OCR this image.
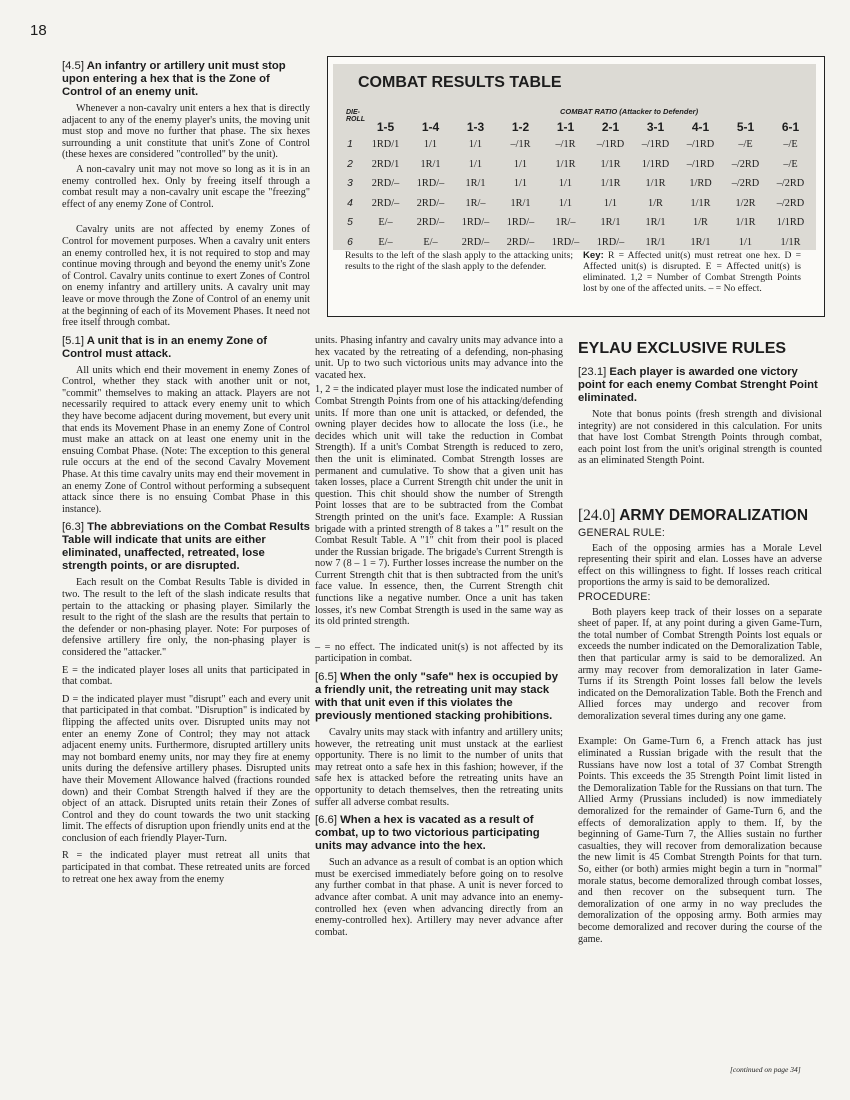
18
COMBAT RESULTS TABLE
DIE-ROLL
COMBAT RATIO (Attacker to Defender)
	1-5	1-4	1-3	1-2	1-1	2-1	3-1	4-1	5-1	6-1
1	1RD/1	1/1	1/1	–/1R	–/1R	–/1RD	–/1RD	–/1RD	–/E	–/E
2	2RD/1	1R/1	1/1	1/1	1/1R	1/1R	1/1RD	–/1RD	–/2RD	–/E
3	2RD/–	1RD/–	1R/1	1/1	1/1	1/1R	1/1R	1/RD	–/2RD	–/2RD
4	2RD/–	2RD/–	1R/–	1R/1	1/1	1/1	1/R	1/1R	1/2R	–/2RD
5	E/–	2RD/–	1RD/–	1RD/–	1R/–	1R/1	1R/1	1/R	1/1R	1/1RD
6	E/–	E/–	2RD/–	2RD/–	1RD/–	1RD/–	1R/1	1R/1	1/1	1/1R
Results to the left of the slash apply to the attacking units; results to the right of the slash apply to the defender.
Key: R = Affected unit(s) must retreat one hex. D = Affected unit(s) is disrupted. E = Affected unit(s) is eliminated. 1,2 = Number of Combat Strength Points lost by one of the affected units. – = No effect.
[4.5] An infantry or artillery unit must stop upon entering a hex that is the Zone of Control of an enemy unit.

Whenever a non-cavalry unit enters a hex that is directly adjacent to any of the enemy player's units, the moving unit must stop and move no further that phase. The six hexes surrounding a unit constitute that unit's Zone of Control (these hexes are considered "controlled" by the unit).

A non-cavalry unit may not move so long as it is in an enemy controlled hex. Only by freeing itself through a combat result may a non-cavalry unit escape the "freezing" effect of any enemy Zone of Control.

Cavalry units are not affected by enemy Zones of Control for movement purposes. When a cavalry unit enters an enemy controlled hex, it is not required to stop and may continue moving through and beyond the enemy unit's Zone of Control. Cavalry units continue to exert Zones of Control on enemy infantry and artillery units. A cavalry unit may leave or move through the Zone of Control of an enemy unit at the beginning of each of its Movement Phases. It need not free itself through combat.

[5.1] A unit that is in an enemy Zone of Control must attack.

All units which end their movement in enemy Zones of Control, whether they stack with another unit or not, "commit" themselves to making an attack. Players are not necessarily required to attack every enemy unit to which they have become adjacent during movement, but every unit that ends its Movement Phase in an enemy Zone of Control must make an attack on at least one enemy unit in the ensuing Combat Phase. (Note: The exception to this general rule occurs at the end of the second Cavalry Movement Phase. At this time cavalry units may end their movement in an enemy Zone of Control without performing a subsequent attack since there is no ensuing Combat Phase in this instance).

[6.3] The abbreviations on the Combat Results Table will indicate that units are either eliminated, unaffected, retreated, lose strength points, or are disrupted.

Each result on the Combat Results Table is divided in two. The result to the left of the slash indicate results that pertain to the attacking or phasing player. Similarly the result to the right of the slash are the results that pertain to the defender or non-phasing player. Note: For purposes of defensive artillery fire only, the non-phasing player is considered the "attacker."

E = the indicated player loses all units that participated in that combat.

D = the indicated player must "disrupt" each and every unit that participated in that combat. "Disruption" is indicated by flipping the affected units over. Disrupted units may not enter an enemy Zone of Control; they may not attack adjacent enemy units. Furthermore, disrupted artillery units may not bombard enemy units, nor may they fire at enemy units during the defensive artillery phases. Disrupted units have their Movement Allowance halved (fractions rounded down) and their Combat Strength halved if they are the object of an attack. Disrupted units retain their Zones of Control and they do count towards the two unit stacking limit. The effects of disruption upon friendly units end at the conclusion of each friendly Player-Turn.

R = the indicated player must retreat all units that participated in that combat. These retreated units are forced to retreat one hex away from the enemy

units. Phasing infantry and cavalry units may advance into a hex vacated by the retreating of a defending, non-phasing unit. Up to two such victorious units may advance into the vacated hex.

1, 2 = the indicated player must lose the indicated number of Combat Strength Points from one of his attacking/defending units. If more than one unit is attacked, or defended, the owning player decides how to allocate the loss (i.e., he decides which unit will take the reduction in Combat Strength). If a unit's Combat Strength is reduced to zero, then the unit is eliminated. Combat Strength losses are permanent and cumulative. To show that a given unit has taken losses, place a Current Strength chit under the unit in question. This chit should show the number of Strength Point losses that are to be subtracted from the Combat Strength printed on the unit's face. Example: A Russian brigade with a printed strength of 8 takes a "1" result on the Combat Result Table. A "1" chit from their pool is placed under the Russian brigade. The brigade's Current Strength is now 7 (8 – 1 = 7). Further losses increase the number on the Current Strength chit that is then subtracted from the unit's face value. In essence, then, the Current Strength chit functions like a negative number. Once a unit has taken losses, it's new Combat Strength is used in the same way as its old printed strength.

– = no effect. The indicated unit(s) is not affected by its participation in combat.

[6.5] When the only "safe" hex is occupied by a friendly unit, the retreating unit may stack with that unit even if this violates the previously mentioned stacking prohibitions.

Cavalry units may stack with infantry and artillery units; however, the retreating unit must unstack at the earliest opportunity. There is no limit to the number of units that may retreat onto a safe hex in this fashion; however, if the safe hex is attacked before the retreating units have an opportunity to detach themselves, then the retreating units suffer all adverse combat results.

[6.6] When a hex is vacated as a result of combat, up to two victorious participating units may advance into the hex.

Such an advance as a result of combat is an option which must be exercised immediately before going on to resolve any further combat in that phase. A unit is never forced to advance after combat. A unit may advance into an enemy-controlled hex (even when advancing directly from an enemy-controlled hex). Artillery may never advance after combat.

EYLAU EXCLUSIVE RULES
[23.1] Each player is awarded one victory point for each enemy Combat Strenght Point eliminated.

Note that bonus points (fresh strength and divisional integrity) are not considered in this calculation. For units that have lost Combat Strength Points through combat, each point lost from the unit's original strength is counted as an eliminated Stength Point.

[24.0] ARMY DEMORALIZATION

GENERAL RULE:

Each of the opposing armies has a Morale Level representing their spirit and elan. Losses have an adverse effect on this willingness to fight. If losses reach critical proportions the army is said to be demoralized.

PROCEDURE:

Both players keep track of their losses on a separate sheet of paper. If, at any point during a given Game-Turn, the total number of Combat Strength Points lost equals or exceeds the number indicated on the Demoralization Table, then that particular army is said to be demoralized. An army may recover from demoralization in later Game-Turns if its Strength Point losses fall below the levels indicated on the Demoralization Table. Both the French and Allied forces may undergo and recover from demoralization several times during any one game.

Example: On Game-Turn 6, a French attack has just eliminated a Russian brigade with the result that the Russians have now lost a total of 37 Combat Strength Points. This exceeds the 35 Strength Point limit listed in the Demoralization Table for the Russians on that turn. The Allied Army (Prussians included) is now immediately demoralized for the remainder of Game-Turn 6, and the effects of demoralization apply to them. If, by the beginning of Game-Turn 7, the Allies sustain no further casualties, they will recover from demoralization because the new limit is 45 Combat Strength Points for that turn. So, either (or both) armies might begin a turn in "normal" morale status, become demoralized through combat losses, and then recover on the subsequent turn. The demoralization of one army in no way precludes the demoralization of the opposing army. Both armies may become demoralized and recover during the course of the game.

[continued on page 34]
